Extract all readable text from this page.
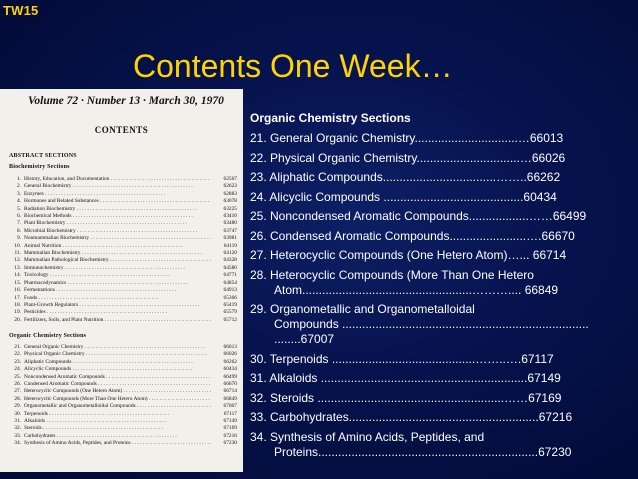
TW15
Contents One Week…
Volume 72 · Number 13 · March 30, 1970
CONTENTS
ABSTRACT SECTIONS
Biochemistry Sections
1. History, Education, and Documentation . . .	62567
2. General Biochemistry . . .	62623
3. Enzymes . . .	62883
4. Hormones and Related Substances . . .	63078
5. Radiation Biochemistry . . .	63225
6. Biochemical Methods . . .	63410
7. Plant Biochemistry . . .	63480
8. Microbial Biochemistry . . .	63747
9. Nonmammalian Biochemistry . . .	63981
10. Animal Nutrition . . .	64119
11. Mammalian Biochemistry . . .	64120
12. Mammalian Pathological Biochemistry . . .	64328
13. Immunochemistry . . .	64580
14. Toxicology . . .	64771
15. Pharmacodynamics . . .	64854
16. Fermentations . . .	64913
17. Foods . . .	65366
18. Plant-Growth Regulators . . .	65419
19. Pesticides . . .	65579
20. Fertilizers, Soils, and Plant Nutrition . . .	65712
Organic Chemistry Sections
21. General Organic Chemistry . . .	66013
22. Physical Organic Chemistry . . .	66026
23. Aliphatic Compounds . . .	66262
24. Alicyclic Compounds . . .	60434
25. Noncondensed Aromatic Compounds . . .	66499
26. Condensed Aromatic Compounds . . .	66670
27. Heterocyclic Compounds (One Hetero Atom) . . .	66714
28. Heterocyclic Compounds (More Than One Hetero Atom) . . .	66849
29. Organometallic and Organometalloidal Compounds . . .	67007
30. Terpenoids . . .	67117
31. Alkaloids . . .	67149
32. Steroids . . .	67169
33. Carbohydrates . . .	67216
34. Synthesis of Amino Acids, Peptides, and Proteins . . .	67230
Organic Chemistry Sections
21. General Organic Chemistry...............................…66013
22. Physical Organic Chemistry...............................…66026
23. Aliphatic Compounds..................................……..66262
24. Alicyclic Compounds ..........................................60434
25. Noncondensed Aromatic Compounds..................……66499
26. Condensed Aromatic Compounds.......................….66670
27. Heterocyclic Compounds (One Hetero Atom)…... 66714
28. Heterocyclic Compounds (More Than One Hetero
Atom...................................................……….... 66849
29. Organometallic and Organometalloidal
Compounds ..........................................................................
........67007
30. Terpenoids ...........................................……..….67117
31. Alkaloids ..............................................................67149
32. Steroids ........................................................……67169
33. Carbohydrates.........................................................67216
34. Synthesis of Amino Acids, Peptides, and
Proteins..................................................................67230
